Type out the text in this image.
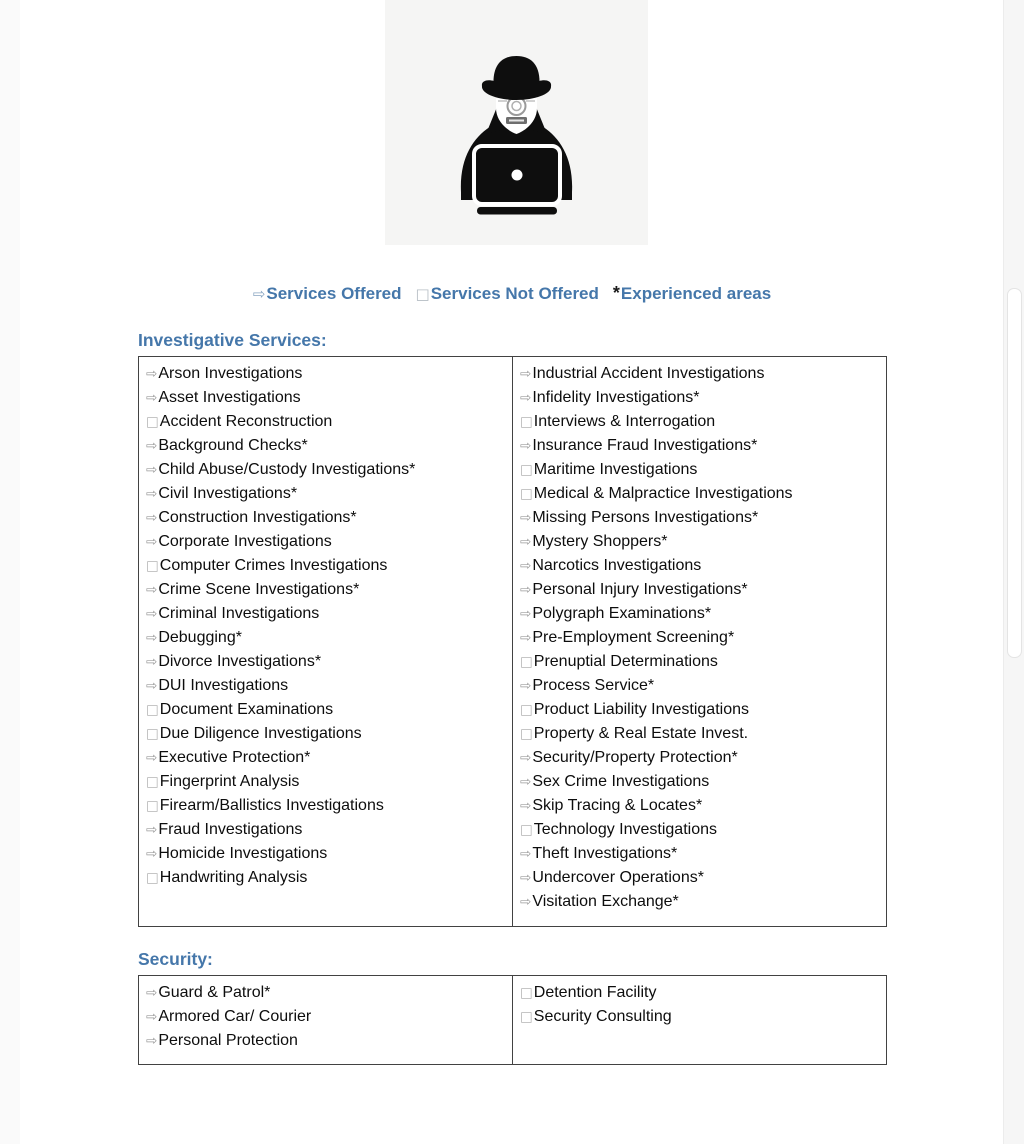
⇨ Services Offered □ Services Not Offered * Experienced areas
Investigative Services:
⇨Arson Investigations
⇨Asset Investigations
□Accident Reconstruction
⇨Background Checks*
⇨Child Abuse/Custody Investigations*
⇨Civil Investigations*
⇨Construction Investigations*
⇨Corporate Investigations
□Computer Crimes Investigations
⇨Crime Scene Investigations*
⇨Criminal Investigations
⇨Debugging*
⇨Divorce Investigations*
⇨DUI Investigations
□Document Examinations
□Due Diligence Investigations
⇨Executive Protection*
□Fingerprint Analysis
□Firearm/Ballistics Investigations
⇨Fraud Investigations
⇨Homicide Investigations
□Handwriting Analysis
⇨Industrial Accident Investigations
⇨Infidelity Investigations*
□Interviews & Interrogation
⇨Insurance Fraud Investigations*
□Maritime Investigations
□Medical & Malpractice Investigations
⇨Missing Persons Investigations*
⇨Mystery Shoppers*
⇨Narcotics Investigations
⇨Personal Injury Investigations*
⇨Polygraph Examinations*
⇨Pre-Employment Screening*
□Prenuptial Determinations
⇨Process Service*
□Product Liability Investigations
□Property & Real Estate Invest.
⇨Security/Property Protection*
⇨Sex Crime Investigations
⇨Skip Tracing & Locates*
□Technology Investigations
⇨Theft Investigations*
⇨Undercover Operations*
⇨Visitation Exchange*
Security:
⇨Guard & Patrol*
⇨Armored Car/ Courier
⇨Personal Protection
□Detention Facility
□Security Consulting
